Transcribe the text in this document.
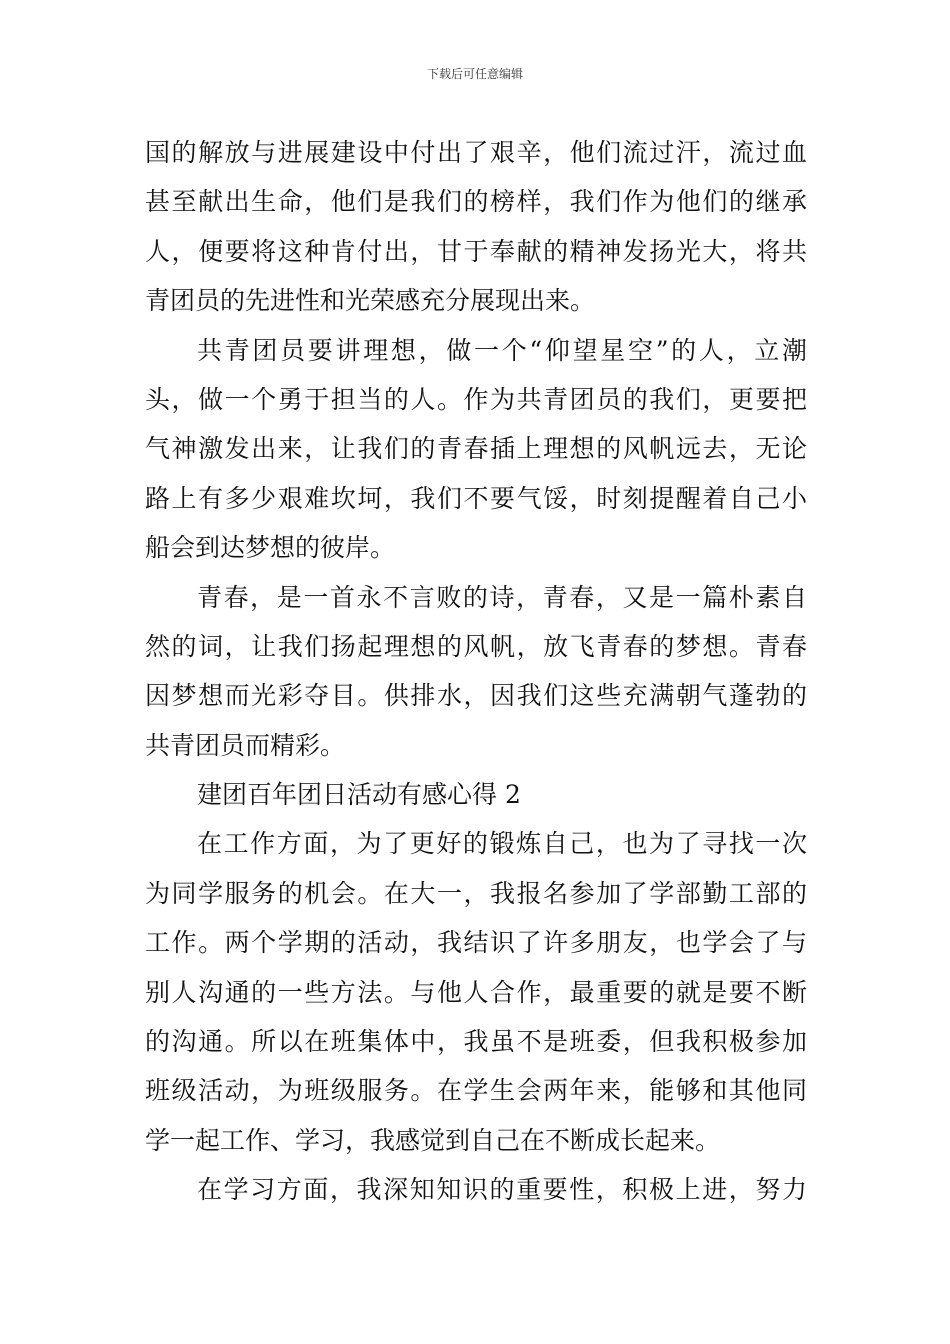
下载后可任意编辑
国的解放与进展建设中付出了艰辛，他们流过汗，流过血
甚至献出生命，他们是我们的榜样，我们作为他们的继承
人，便要将这种肯付出，甘于奉献的精神发扬光大，将共
青团员的先进性和光荣感充分展现出来。
共青团员要讲理想，做一个“仰望星空”的人，立潮
头，做一个勇于担当的人。作为共青团员的我们，更要把
气神激发出来，让我们的青春插上理想的风帆远去，无论
路上有多少艰难坎坷，我们不要气馁，时刻提醒着自己小
船会到达梦想的彼岸。
青春，是一首永不言败的诗，青春，又是一篇朴素自
然的词，让我们扬起理想的风帆，放飞青春的梦想。青春
因梦想而光彩夺目。供排水，因我们这些充满朝气蓬勃的
共青团员而精彩。
建团百年团日活动有感心得 2
在工作方面，为了更好的锻炼自己，也为了寻找一次
为同学服务的机会。在大一，我报名参加了学部勤工部的
工作。两个学期的活动，我结识了许多朋友，也学会了与
别人沟通的一些方法。与他人合作，最重要的就是要不断
的沟通。所以在班集体中，我虽不是班委，但我积极参加
班级活动，为班级服务。在学生会两年来，能够和其他同
学一起工作、学习，我感觉到自己在不断成长起来。
在学习方面，我深知知识的重要性，积极上进，努力
